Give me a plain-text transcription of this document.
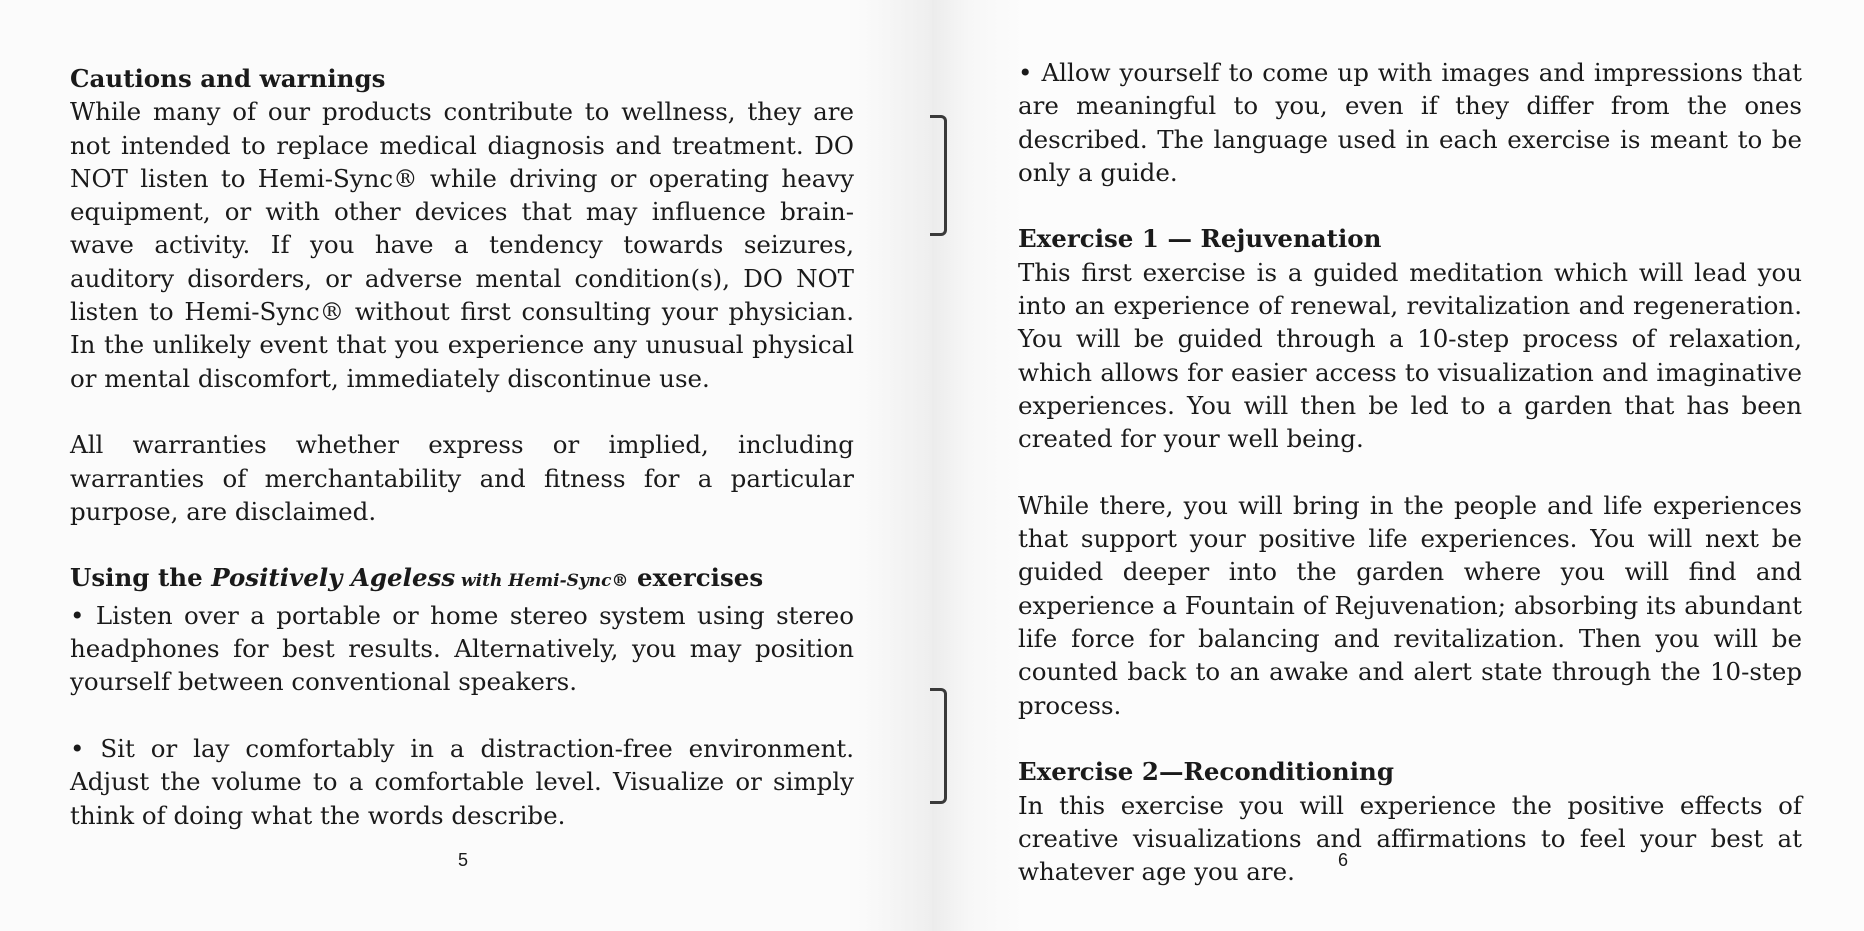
Cautions and warnings

While many of our products contribute to wellness, they are not intended to replace medical diagnosis and treatment. DO NOT listen to Hemi-Sync® while driving or operating heavy equipment, or with other devices that may influence brain-wave activity. If you have a tendency towards seizures, auditory disorders, or adverse mental condition(s), DO NOT listen to Hemi-Sync® without first consulting your physician. In the unlikely event that you experience any unusual physical or mental discomfort, immediately discontinue use.

All warranties whether express or implied, including warranties of merchantability and fitness for a particular purpose, are disclaimed.

Using the Positively Ageless with Hemi-Sync® exercises

• Listen over a portable or home stereo system using stereo headphones for best results. Alternatively, you may position yourself between conventional speakers.

• Sit or lay comfortably in a distraction-free environment. Adjust the volume to a comfortable level. Visualize or simply think of doing what the words describe.

5

• Allow yourself to come up with images and impressions that are meaningful to you, even if they differ from the ones described. The language used in each exercise is meant to be only a guide.

Exercise 1 — Rejuvenation

This first exercise is a guided meditation which will lead you into an experience of renewal, revitalization and regeneration. You will be guided through a 10-step process of relaxation, which allows for easier access to visualization and imaginative experiences. You will then be led to a garden that has been created for your well being.

While there, you will bring in the people and life experiences that support your positive life experiences. You will next be guided deeper into the garden where you will find and experience a Fountain of Rejuvenation; absorbing its abundant life force for balancing and revitalization. Then you will be counted back to an awake and alert state through the 10-step process.

Exercise 2—Reconditioning

In this exercise you will experience the positive effects of creative visualizations and affirmations to feel your best at whatever age you are.	6
